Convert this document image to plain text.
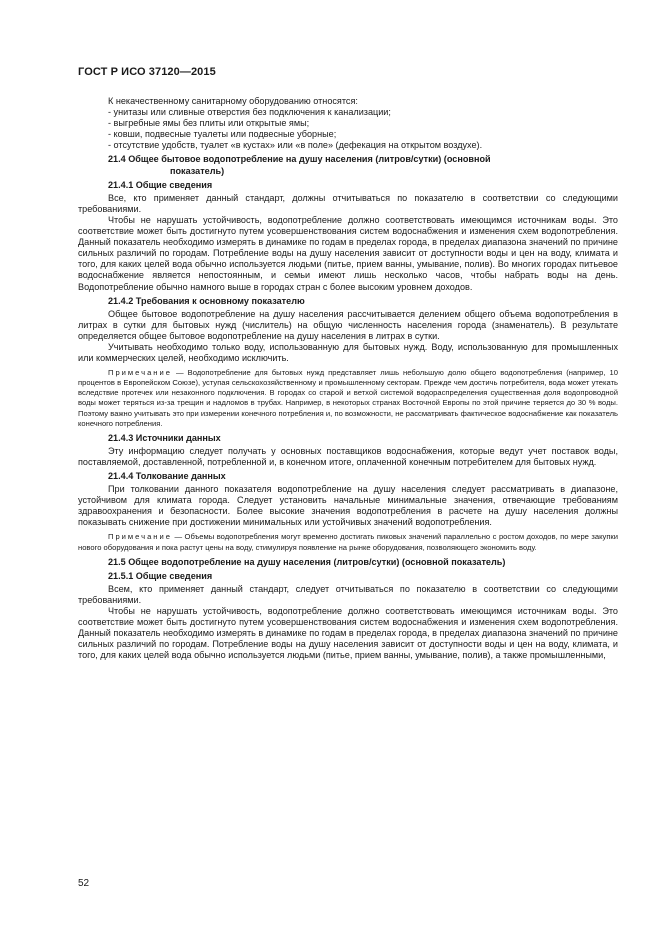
ГОСТ Р ИСО 37120—2015

К некачественному санитарному оборудованию относятся:

- унитазы или сливные отверстия без подключения к канализации;

- выгребные ямы без плиты или открытые ямы;

- ковши, подвесные туалеты или подвесные уборные;

- отсутствие удобств, туалет «в кустах» или «в поле» (дефекация на открытом воздухе).

21.4 Общее бытовое водопотребление на душу населения (литров/сутки) (основной
показатель)

21.4.1 Общие сведения

Все, кто применяет данный стандарт, должны отчитываться по показателю в соответствии со следующими требованиями.

Чтобы не нарушать устойчивость, водопотребление должно соответствовать имеющимся источникам воды. Это соответствие может быть достигнуто путем усовершенствования систем водоснабжения и изменения схем водопотребления. Данный показатель необходимо измерять в динамике по годам в пределах города, в пределах диапазона значений по причине сильных различий по городам. Потребление воды на душу населения зависит от доступности воды и цен на воду, климата и того, для каких целей вода обычно используется людьми (питье, прием ванны, умывание, полив). Во многих городах питьевое водоснабжение является непостоянным, и семьи имеют лишь несколько часов, чтобы набрать воды на день. Водопотребление обычно намного выше в городах стран с более высоким уровнем доходов.

21.4.2 Требования к основному показателю

Общее бытовое водопотребление на душу населения рассчитывается делением общего объема водопотребления в литрах в сутки для бытовых нужд (числитель) на общую численность населения города (знаменатель). В результате определяется общее бытовое водопотребление на душу населения в литрах в сутки.

Учитывать необходимо только воду, использованную для бытовых нужд. Воду, использованную для промышленных или коммерческих целей, необходимо исключить.

Примечание — Водопотребление для бытовых нужд представляет лишь небольшую долю общего водопотребления (например, 10 процентов в Европейском Союзе), уступая сельскохозяйственному и промышленному секторам. Прежде чем достичь потребителя, вода может утекать вследствие протечек или незаконного подключения. В городах со старой и ветхой системой водораспределения существенная доля водопроводной воды может теряться из-за трещин и надломов в трубах. Например, в некоторых странах Восточной Европы по этой причине теряется до 30 % воды. Поэтому важно учитывать это при измерении конечного потребления и, по возможности, не рассматривать фактическое водоснабжение как показатель конечного потребления.

21.4.3 Источники данных

Эту информацию следует получать у основных поставщиков водоснабжения, которые ведут учет поставок воды, поставляемой, доставленной, потребленной и, в конечном итоге, оплаченной конечным потребителем для бытовых нужд.

21.4.4 Толкование данных

При толковании данного показателя водопотребление на душу населения следует рассматривать в диапазоне, устойчивом для климата города. Следует установить начальные минимальные значения, отвечающие требованиям здравоохранения и безопасности. Более высокие значения водопотребления в расчете на душу населения должны показывать снижение при достижении минимальных или устойчивых значений водопотребления.

Примечание — Объемы водопотребления могут временно достигать пиковых значений параллельно с ростом доходов, по мере закупки нового оборудования и пока растут цены на воду, стимулируя появление на рынке оборудования, позволяющего экономить воду.

21.5 Общее водопотребление на душу населения (литров/сутки) (основной показатель)

21.5.1 Общие сведения

Всем, кто применяет данный стандарт, следует отчитываться по показателю в соответствии со следующими требованиями.

Чтобы не нарушать устойчивость, водопотребление должно соответствовать имеющимся источникам воды. Это соответствие может быть достигнуто путем усовершенствования систем водоснабжения и изменения схем водопотребления. Данный показатель необходимо измерять в динамике по годам в пределах города, в пределах диапазона значений по причине сильных различий по городам. Потребление воды на душу населения зависит от доступности воды и цен на воду, климата, и того, для каких целей вода обычно используется людьми (питье, прием ванны, умывание, полив), а также промышленными,

52
